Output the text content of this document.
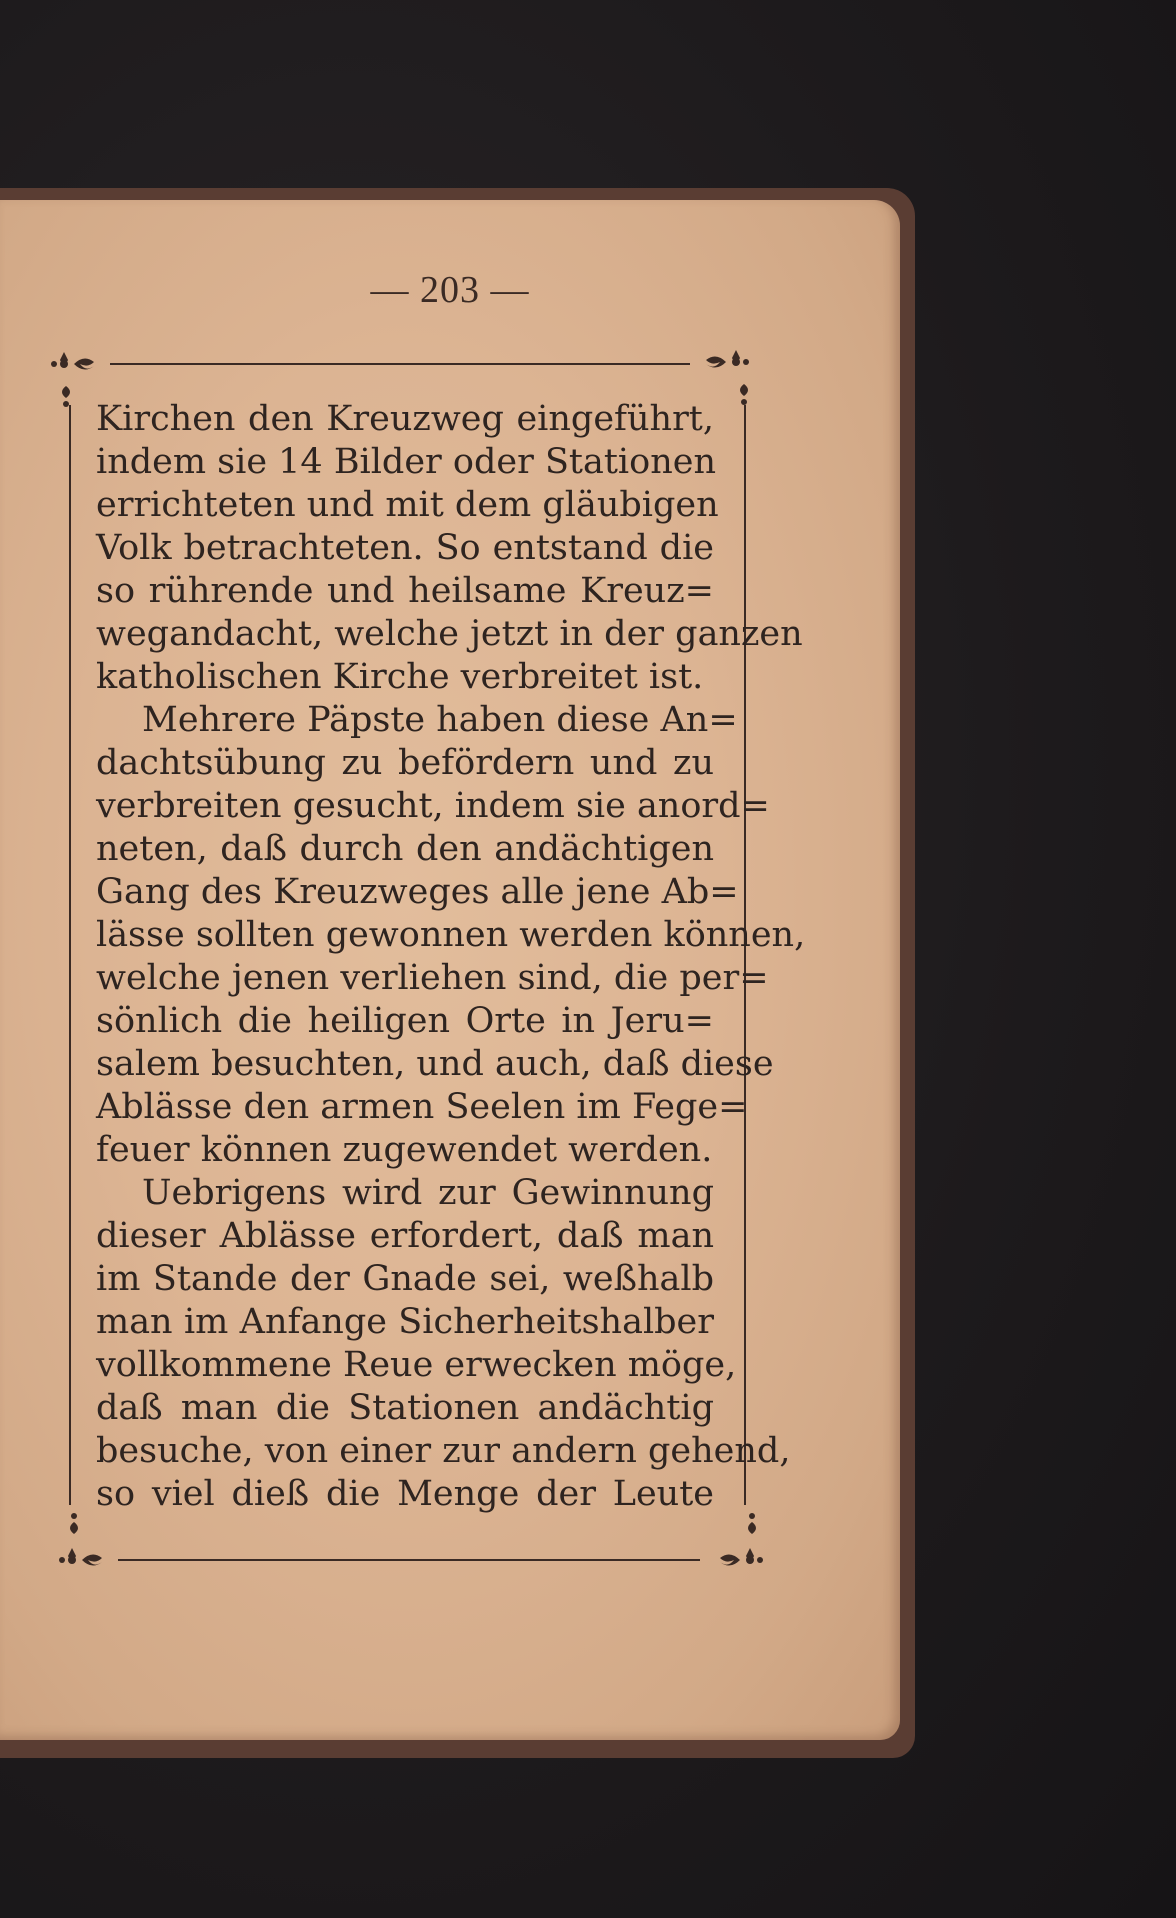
— 203 —
Kirchen den Kreuzweg eingeführt,
indem sie 14 Bilder oder Stationen
errichteten und mit dem gläubigen
Volk betrachteten. So entstand die
so rührende und heilsame Kreuz=
wegandacht, welche jetzt in der ganzen
katholischen Kirche verbreitet ist.
Mehrere Päpste haben diese An=
dachtsübung zu befördern und zu
verbreiten gesucht, indem sie anord=
neten, daß durch den andächtigen
Gang des Kreuzweges alle jene Ab=
lässe sollten gewonnen werden können,
welche jenen verliehen sind, die per=
sönlich die heiligen Orte in Jeru=
salem besuchten, und auch, daß diese
Ablässe den armen Seelen im Fege=
feuer können zugewendet werden.
Uebrigens wird zur Gewinnung
dieser Ablässe erfordert, daß man
im Stande der Gnade sei, weßhalb
man im Anfange Sicherheitshalber
vollkommene Reue erwecken möge,
daß man die Stationen andächtig
besuche, von einer zur andern gehend,
so viel dieß die Menge der Leute
